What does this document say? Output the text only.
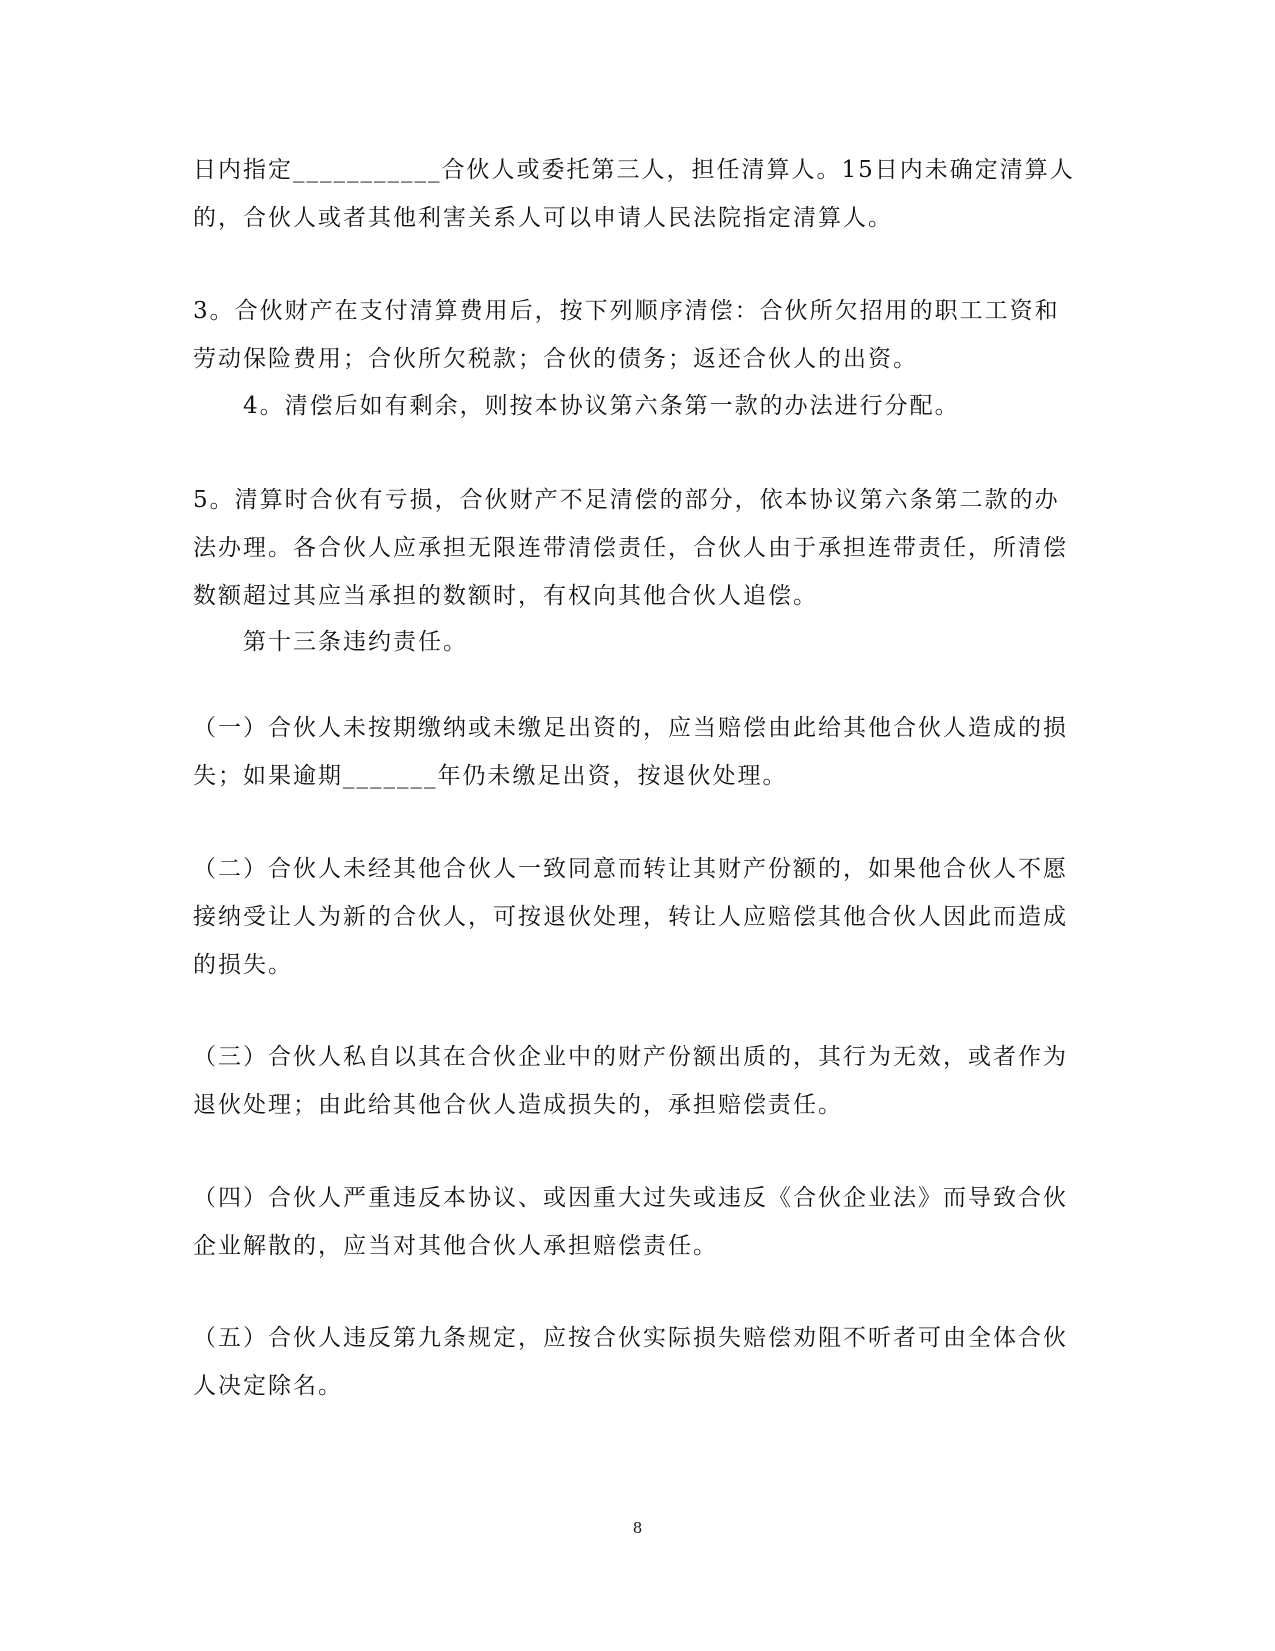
日内指定___________合伙人或委托第三人，担任清算人。15日内未确定清算人的，合伙人或者其他利害关系人可以申请人民法院指定清算人。

3。合伙财产在支付清算费用后，按下列顺序清偿：合伙所欠招用的职工工资和劳动保险费用；合伙所欠税款；合伙的债务；返还合伙人的出资。

4。清偿后如有剩余，则按本协议第六条第一款的办法进行分配。

5。清算时合伙有亏损，合伙财产不足清偿的部分，依本协议第六条第二款的办法办理。各合伙人应承担无限连带清偿责任，合伙人由于承担连带责任，所清偿数额超过其应当承担的数额时，有权向其他合伙人追偿。

第十三条违约责任。

（一）合伙人未按期缴纳或未缴足出资的，应当赔偿由此给其他合伙人造成的损失；如果逾期_______年仍未缴足出资，按退伙处理。

（二）合伙人未经其他合伙人一致同意而转让其财产份额的，如果他合伙人不愿接纳受让人为新的合伙人，可按退伙处理，转让人应赔偿其他合伙人因此而造成的损失。

（三）合伙人私自以其在合伙企业中的财产份额出质的，其行为无效，或者作为退伙处理；由此给其他合伙人造成损失的，承担赔偿责任。

（四）合伙人严重违反本协议、或因重大过失或违反《合伙企业法》而导致合伙企业解散的，应当对其他合伙人承担赔偿责任。

（五）合伙人违反第九条规定，应按合伙实际损失赔偿劝阻不听者可由全体合伙人决定除名。

8
